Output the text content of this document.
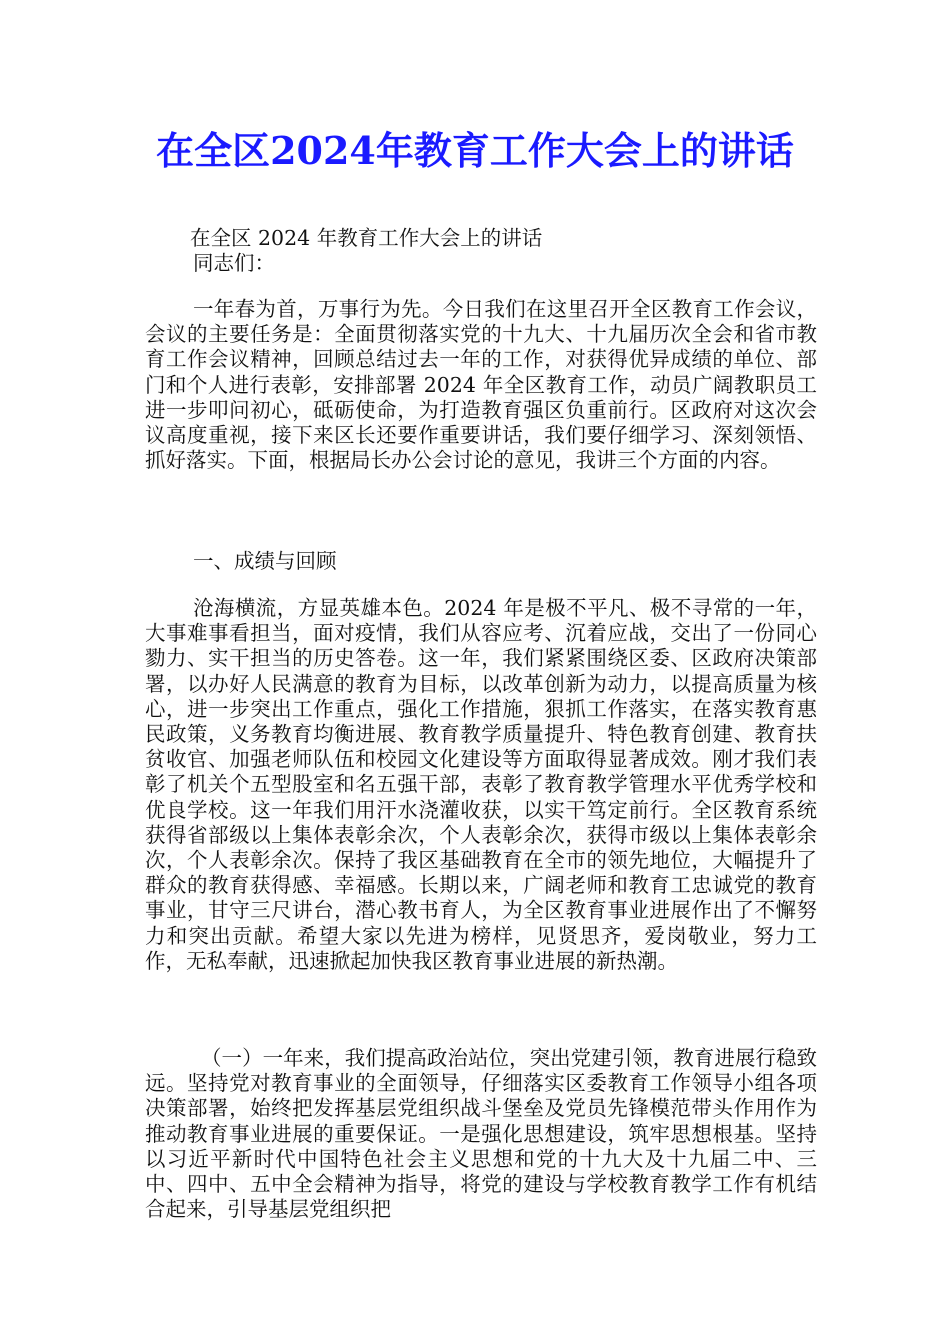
在全区2024年教育工作大会上的讲话

在全区 2024 年教育工作大会上的讲话

同志们：

一年春为首，万事行为先。今日我们在这里召开全区教育工作会议，会议的主要任务是：全面贯彻落实党的十九大、十九届历次全会和省市教育工作会议精神，回顾总结过去一年的工作，对获得优异成绩的单位、部门和个人进行表彰，安排部署 2024 年全区教育工作，动员广阔教职员工进一步叩问初心，砥砺使命，为打造教育强区负重前行。区政府对这次会议高度重视，接下来区长还要作重要讲话，我们要仔细学习、深刻领悟、抓好落实。下面，根据局长办公会讨论的意见，我讲三个方面的内容。

一、成绩与回顾

沧海横流，方显英雄本色。2024 年是极不平凡、极不寻常的一年，大事难事看担当，面对疫情，我们从容应考、沉着应战，交出了一份同心勠力、实干担当的历史答卷。这一年，我们紧紧围绕区委、区政府决策部署，以办好人民满意的教育为目标，以改革创新为动力，以提高质量为核心，进一步突出工作重点，强化工作措施，狠抓工作落实，在落实教育惠民政策，义务教育均衡进展、教育教学质量提升、特色教育创建、教育扶贫收官、加强老师队伍和校园文化建设等方面取得显著成效。刚才我们表彰了机关个五型股室和名五强干部，表彰了教育教学管理水平优秀学校和优良学校。这一年我们用汗水浇灌收获，以实干笃定前行。全区教育系统获得省部级以上集体表彰余次，个人表彰余次，获得市级以上集体表彰余次，个人表彰余次。保持了我区基础教育在全市的领先地位，大幅提升了群众的教育获得感、幸福感。长期以来，广阔老师和教育工忠诚党的教育事业，甘守三尺讲台，潜心教书育人，为全区教育事业进展作出了不懈努力和突出贡献。希望大家以先进为榜样，见贤思齐，爱岗敬业，努力工作，无私奉献，迅速掀起加快我区教育事业进展的新热潮。

（一）一年来，我们提高政治站位，突出党建引领，教育进展行稳致远。坚持党对教育事业的全面领导，仔细落实区委教育工作领导小组各项决策部署，始终把发挥基层党组织战斗堡垒及党员先锋模范带头作用作为推动教育事业进展的重要保证。一是强化思想建设，筑牢思想根基。坚持以习近平新时代中国特色社会主义思想和党的十九大及十九届二中、三中、四中、五中全会精神为指导，将党的建设与学校教育教学工作有机结合起来，引导基层党组织把
